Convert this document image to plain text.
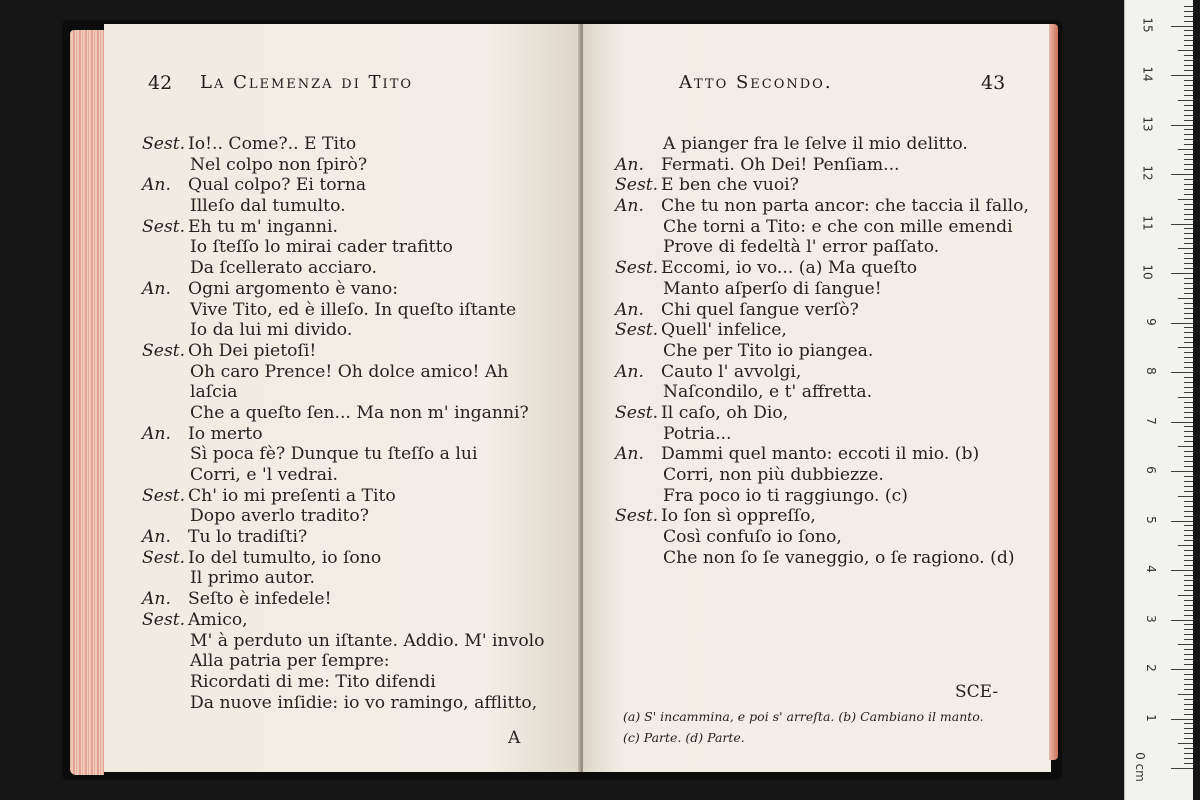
42 La Clemenza di Tito
Sest. Io!.. Come?.. E Tito
Nel colpo non ſpirò?
An. Qual colpo? Ei torna
Illeſo dal tumulto.
Sest. Eh tu m' inganni.
Io ſteſſo lo mirai cader trafitto
Da ſcellerato acciaro.
An. Ogni argomento è vano:
Vive Tito, ed è illeſo. In queſto iſtante
Io da lui mi divido.
Sest. Oh Dei pietoſi!
Oh caro Prence! Oh dolce amico! Ah
laſcia
Che a queſto ſen... Ma non m' inganni?
An. Io merto
Sì poca fè? Dunque tu ſteſſo a lui
Corri, e 'l vedrai.
Sest. Ch' io mi preſenti a Tito
Dopo averlo tradito?
An. Tu lo tradiſti?
Sest. Io del tumulto, io ſono
Il primo autor.
An. Seſto è infedele!
Sest. Amico,
M' à perduto un iſtante. Addio. M' involo
Alla patria per ſempre:
Ricordati di me: Tito difendi
Da nuove inſidie: io vo ramingo, afflitto,
A
Atto Secondo.	43
A pianger fra le ſelve il mio delitto.
An. Fermati. Oh Dei! Penſiam...
Sest. E ben che vuoi?
An. Che tu non parta ancor: che taccia il fallo,
Che torni a Tito: e che con mille emendi
Prove di fedeltà l' error paſſato.
Sest. Eccomi, io vo... (a) Ma queſto
Manto aſperſo di ſangue!
An. Chi quel ſangue verſò?
Sest. Quell' infelice,
Che per Tito io piangea.
An. Cauto l' avvolgi,
Naſcondilo, e t' affretta.
Sest. Il caſo, oh Dio,
Potria...
An. Dammi quel manto: eccoti il mio. (b)
Corri, non più dubbiezze.
Fra poco io ti raggiungo. (c)
Sest. Io ſon sì oppreſſo,
Così confuſo io ſono,
Che non ſo ſe vaneggio, o ſe ragiono. (d)
SCE-
(a) S' incammina, e poi s' arreſta. (b) Cambiano il manto.
(c) Parte. (d) Parte.
0 cm
1
2
3
4
5
6
7
8
9
10
11
12
13
14
15
